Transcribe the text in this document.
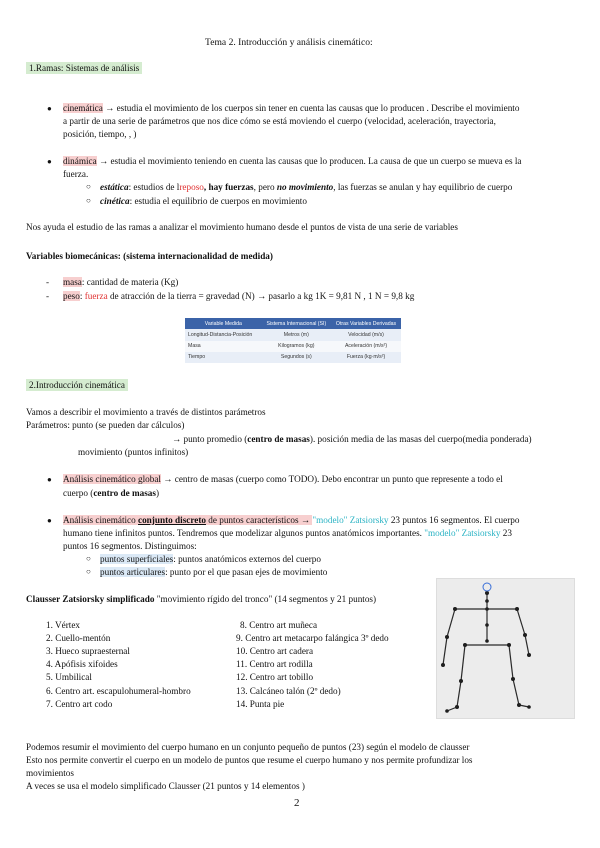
Tema 2. Introducción y análisis cinemático:
1.Ramas: Sistemas de análisis
● cinemática → estudia el movimiento de los cuerpos sin tener en cuenta las causas que lo producen . Describe el movimiento
a partir de una serie de parámetros que nos dice cómo se está moviendo el cuerpo (velocidad, aceleración, trayectoria,
posición, tiempo, , )
● dinámica → estudia el movimiento teniendo en cuenta las causas que lo producen. La causa de que un cuerpo se mueva es la
fuerza.
○ estática: estudios de lreposo, hay fuerzas, pero no movimiento, las fuerzas se anulan y hay equilibrio de cuerpo
○ cinética: estudia el equilibrio de cuerpos en movimiento
Nos ayuda el estudio de las ramas a analizar el movimiento humano desde el puntos de vista de una serie de variables
Variables biomecánicas: (sistema internacionalidad de medida)
- masa: cantidad de materia (Kg)
- peso: fuerza de atracción de la tierra = gravedad (N) → pasarlo a kg 1K = 9,81 N , 1 N = 9,8 kg
Variable Medida	Sistema Internacional (SI)	Otras Variables Derivadas
Longitud-Distancia-Posición	Metros (m)	Velocidad (m/s)
Masa	Kilogramos (kg)	Aceleración (m/s²)
Tiempo	Segundos (s)	Fuerza (kg·m/s²)
2.Introducción cinemática
Vamos a describir el movimiento a través de distintos parámetros
Parámetros: punto (se pueden dar cálculos)
→ punto promedio (centro de masas). posición media de las masas del cuerpo(media ponderada)
movimiento (puntos infinitos)
● Análisis cinemático global → centro de masas (cuerpo como TODO). Debo encontrar un punto que represente a todo el
cuerpo (centro de masas)
● Análisis cinemático conjunto discreto de puntos característicos → "modelo" Zatsiorsky 23 puntos 16 segmentos. El cuerpo
humano tiene infinitos puntos. Tendremos que modelizar algunos puntos anatómicos importantes. "modelo" Zatsiorsky 23
puntos 16 segmentos. Distinguimos:
○ puntos superficiales: puntos anatómicos externos del cuerpo
○ puntos articulares: punto por el que pasan ejes de movimiento
Clausser Zatsiorsky simplificado "movimiento rígido del tronco" (14 segmentos y 21 puntos)
1. Vértex
2. Cuello-mentón
3. Hueco supraesternal
4. Apófisis xifoides
5. Umbilical
6. Centro art. escapulohumeral-hombro
7. Centro art codo
8. Centro art muñeca
9. Centro art metacarpo falángica 3º dedo
10. Centro art cadera
11. Centro art rodilla
12. Centro art tobillo
13. Calcáneo talón (2º dedo)
14. Punta pie
Podemos resumir el movimiento del cuerpo humano en un conjunto pequeño de puntos (23) según el modelo de clausser
Esto nos permite convertir el cuerpo en un modelo de puntos que resume el cuerpo humano y nos permite profundizar los
movimientos
A veces se usa el modelo simplificado Clausser (21 puntos y 14 elementos )
2
